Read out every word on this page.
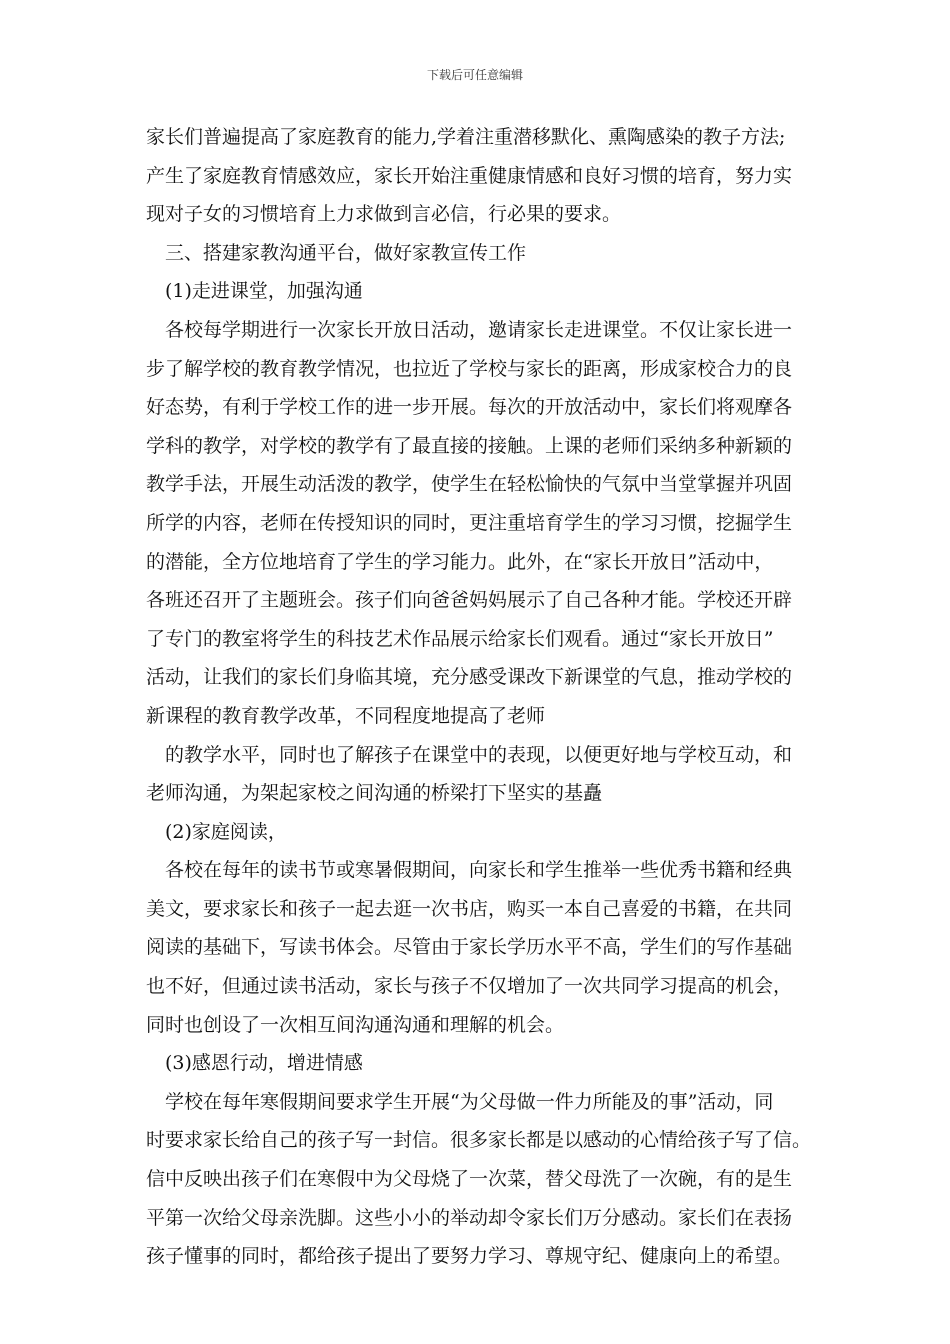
下载后可任意编辑
家长们普遍提高了家庭教育的能力,学着注重潜移默化、熏陶感染的教子方法;
产生了家庭教育情感效应，家长开始注重健康情感和良好习惯的培育，努力实
现对子女的习惯培育上力求做到言必信，行必果的要求。
三、搭建家教沟通平台，做好家教宣传工作
(1)走进课堂，加强沟通
各校每学期进行一次家长开放日活动，邀请家长走进课堂。不仅让家长进一
步了解学校的教育教学情况，也拉近了学校与家长的距离，形成家校合力的良
好态势，有利于学校工作的进一步开展。每次的开放活动中，家长们将观摩各
学科的教学，对学校的教学有了最直接的接触。上课的老师们采纳多种新颖的
教学手法，开展生动活泼的教学，使学生在轻松愉快的气氛中当堂掌握并巩固
所学的内容，老师在传授知识的同时，更注重培育学生的学习习惯，挖掘学生
的潜能，全方位地培育了学生的学习能力。此外，在“家长开放日”活动中，
各班还召开了主题班会。孩子们向爸爸妈妈展示了自己各种才能。学校还开辟
了专门的教室将学生的科技艺术作品展示给家长们观看。通过“家长开放日”
活动，让我们的家长们身临其境，充分感受课改下新课堂的气息，推动学校的
新课程的教育教学改革，不同程度地提高了老师
的教学水平，同时也了解孩子在课堂中的表现，以便更好地与学校互动，和
老师沟通，为架起家校之间沟通的桥梁打下坚实的基矗
(2)家庭阅读，
各校在每年的读书节或寒暑假期间，向家长和学生推举一些优秀书籍和经典
美文，要求家长和孩子一起去逛一次书店，购买一本自己喜爱的书籍，在共同
阅读的基础下，写读书体会。尽管由于家长学历水平不高，学生们的写作基础
也不好，但通过读书活动，家长与孩子不仅增加了一次共同学习提高的机会，
同时也创设了一次相互间沟通沟通和理解的机会。
(3)感恩行动，增进情感
学校在每年寒假期间要求学生开展“为父母做一件力所能及的事”活动，同
时要求家长给自己的孩子写一封信。很多家长都是以感动的心情给孩子写了信。
信中反映出孩子们在寒假中为父母烧了一次菜，替父母洗了一次碗，有的是生
平第一次给父母亲洗脚。这些小小的举动却令家长们万分感动。家长们在表扬
孩子懂事的同时，都给孩子提出了要努力学习、尊规守纪、健康向上的希望。
